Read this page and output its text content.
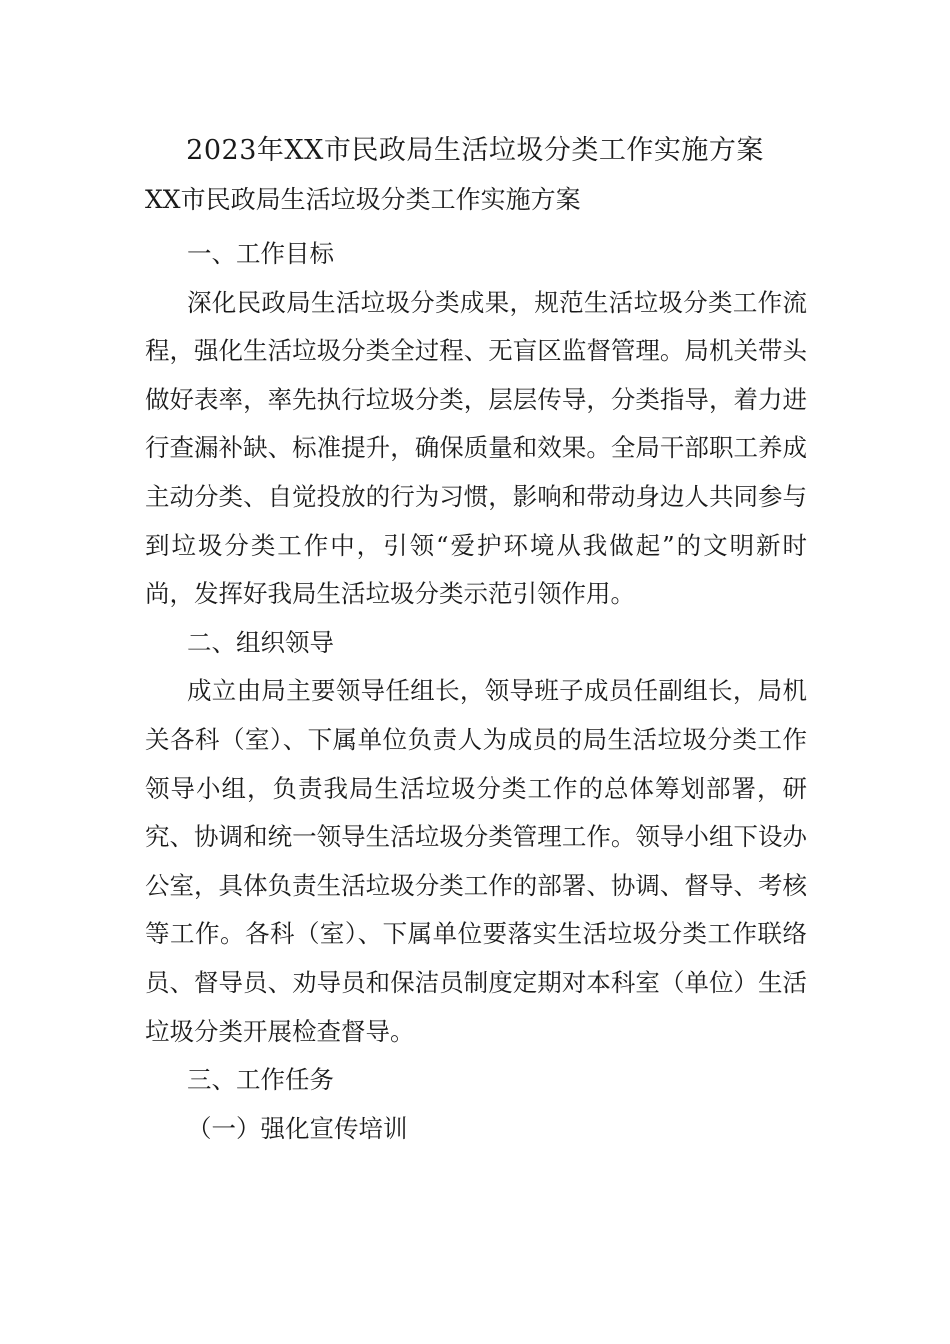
2023年XX市民政局生活垃圾分类工作实施方案
XX市民政局生活垃圾分类工作实施方案

一、工作目标

深化民政局生活垃圾分类成果，规范生活垃圾分类工作流程，强化生活垃圾分类全过程、无盲区监督管理。局机关带头做好表率，率先执行垃圾分类，层层传导，分类指导，着力进行查漏补缺、标准提升，确保质量和效果。全局干部职工养成主动分类、自觉投放的行为习惯，影响和带动身边人共同参与到垃圾分类工作中，引领“爱护环境从我做起”的文明新时尚，发挥好我局生活垃圾分类示范引领作用。

二、组织领导

成立由局主要领导任组长，领导班子成员任副组长，局机关各科（室）、下属单位负责人为成员的局生活垃圾分类工作领导小组，负责我局生活垃圾分类工作的总体筹划部署，研究、协调和统一领导生活垃圾分类管理工作。领导小组下设办公室，具体负责生活垃圾分类工作的部署、协调、督导、考核等工作。各科（室）、下属单位要落实生活垃圾分类工作联络员、督导员、劝导员和保洁员制度定期对本科室（单位）生活垃圾分类开展检查督导。

三、工作任务

（一）强化宣传培训
